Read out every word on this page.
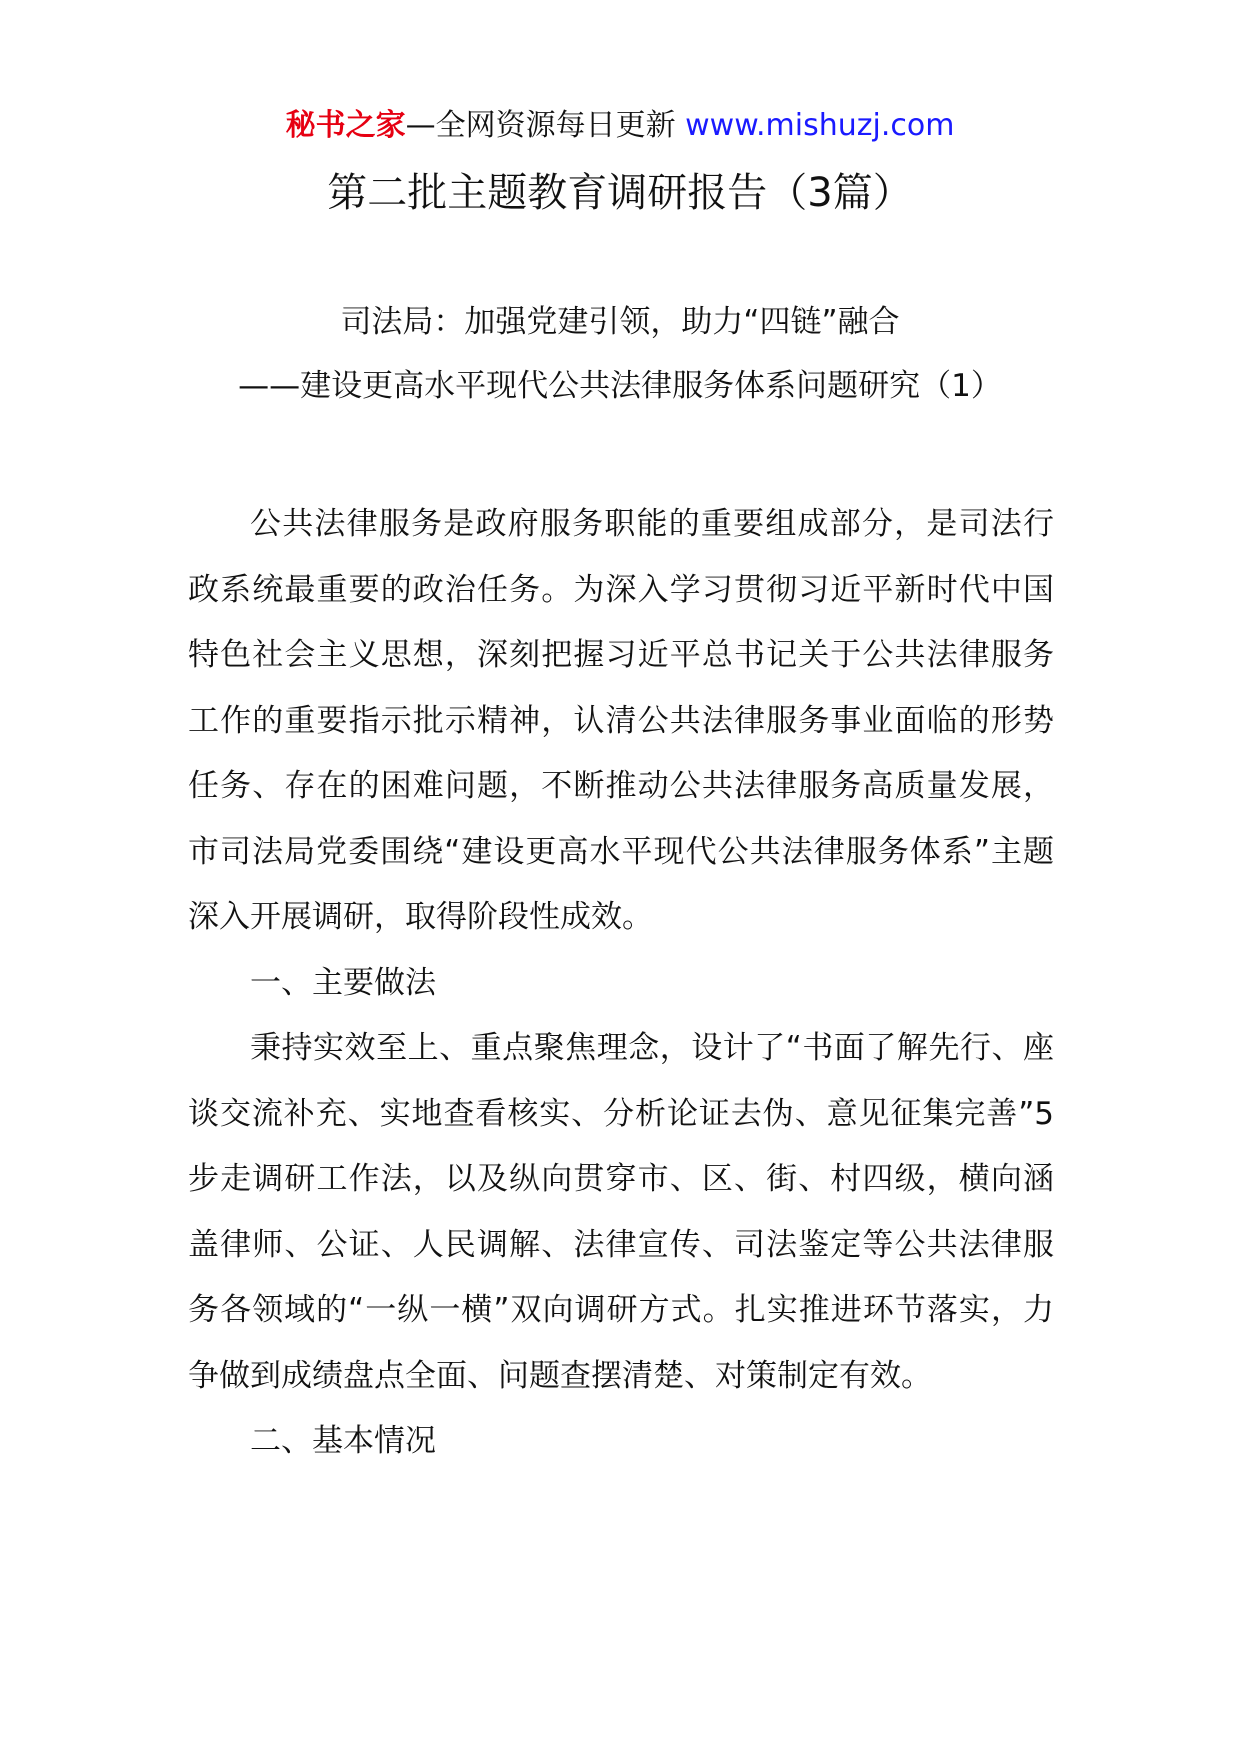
秘书之家—全网资源每日更新 www.mishuzj.com
第二批主题教育调研报告（3篇）
司法局：加强党建引领，助力“四链”融合
——建设更高水平现代公共法律服务体系问题研究（1）

公共法律服务是政府服务职能的重要组成部分，是司法行政系统最重要的政治任务。为深入学习贯彻习近平新时代中国特色社会主义思想，深刻把握习近平总书记关于公共法律服务工作的重要指示批示精神，认清公共法律服务事业面临的形势任务、存在的困难问题，不断推动公共法律服务高质量发展，市司法局党委围绕“建设更高水平现代公共法律服务体系”主题深入开展调研，取得阶段性成效。

一、主要做法

秉持实效至上、重点聚焦理念，设计了“书面了解先行、座谈交流补充、实地查看核实、分析论证去伪、意见征集完善”5步走调研工作法，以及纵向贯穿市、区、街、村四级，横向涵盖律师、公证、人民调解、法律宣传、司法鉴定等公共法律服务各领域的“一纵一横”双向调研方式。扎实推进环节落实，力争做到成绩盘点全面、问题查摆清楚、对策制定有效。

二、基本情况
